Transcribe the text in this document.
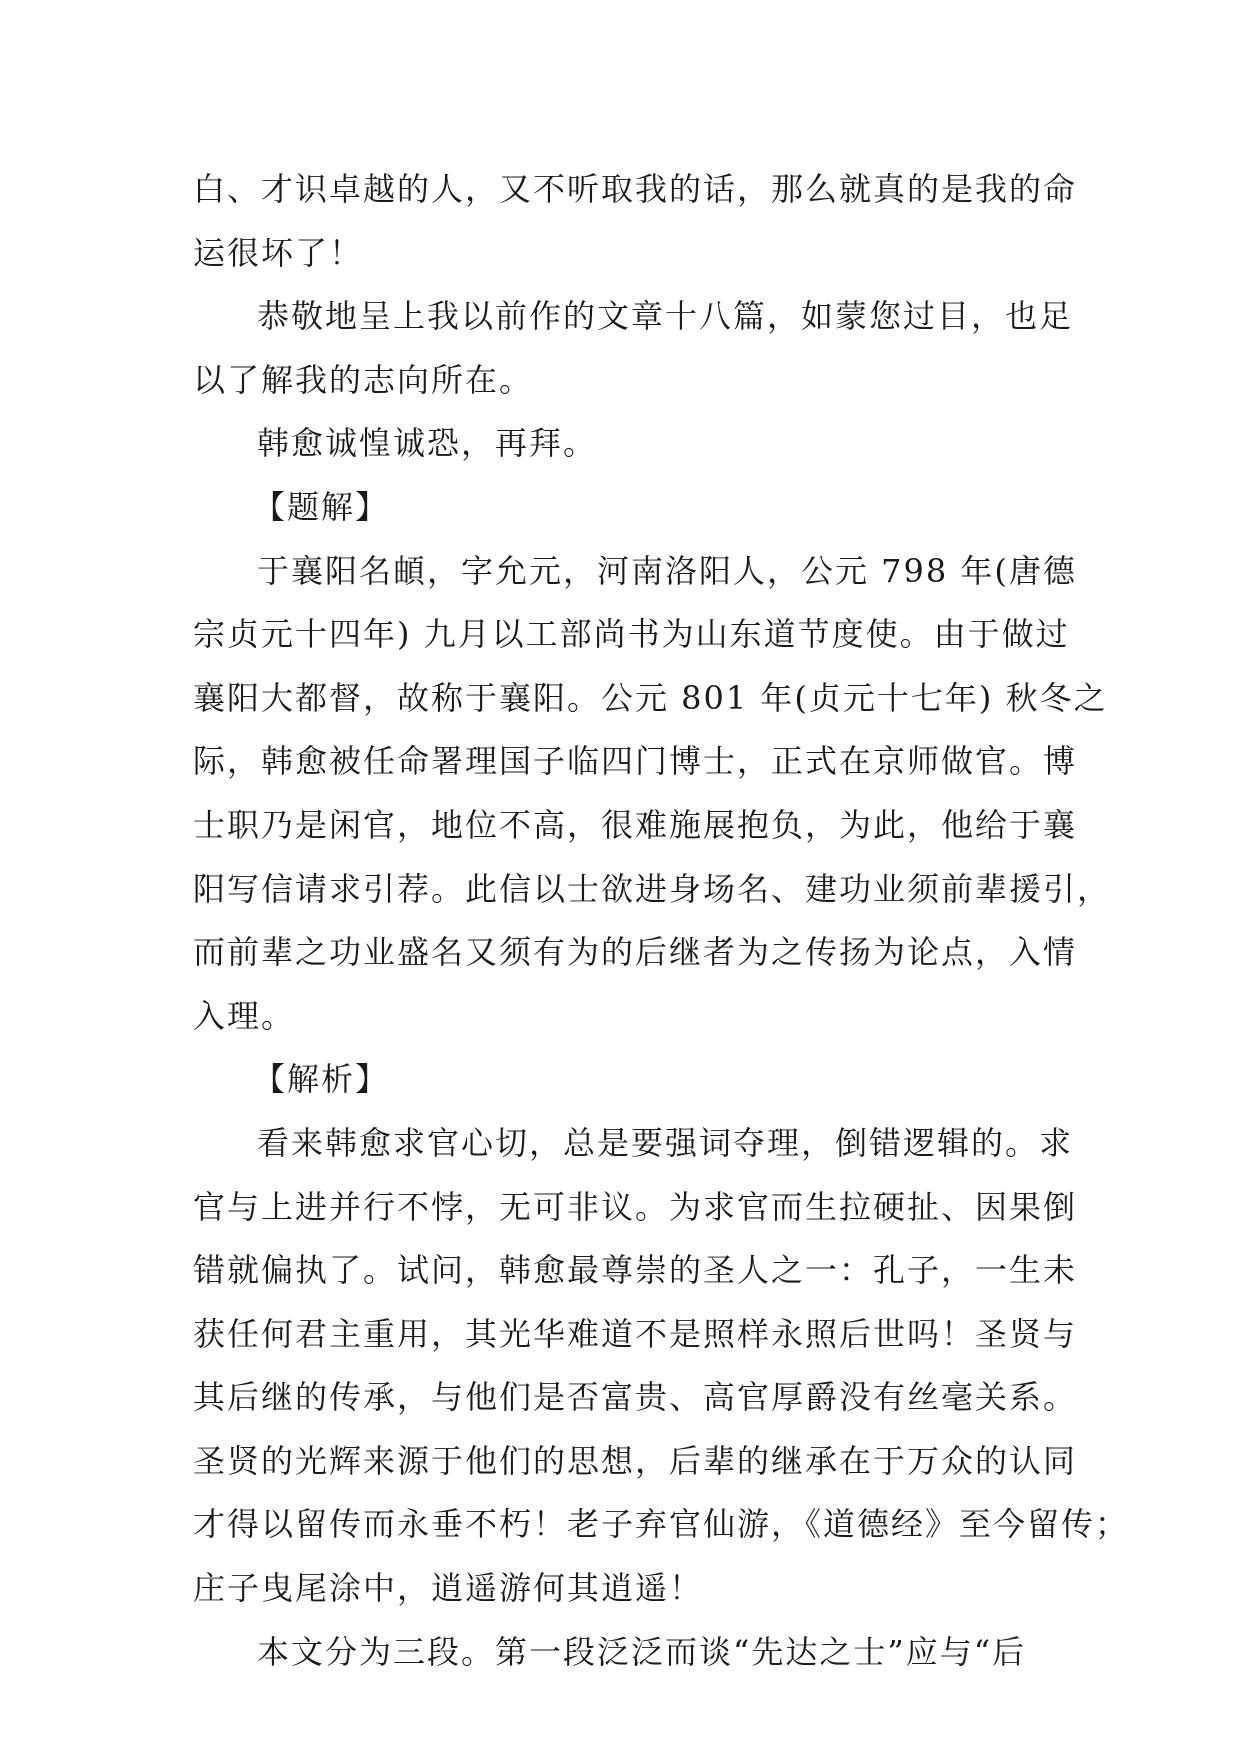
白、才识卓越的人，又不听取我的话，那么就真的是我的命
运很坏了！

恭敬地呈上我以前作的文章十八篇，如蒙您过目，也足
以了解我的志向所在。

韩愈诚惶诚恐，再拜。

【题解】

于襄阳名頔，字允元，河南洛阳人，公元 798 年(唐德
宗贞元十四年) 九月以工部尚书为山东道节度使。由于做过
襄阳大都督，故称于襄阳。公元 801 年(贞元十七年) 秋冬之
际，韩愈被任命署理国子临四门博士，正式在京师做官。博
士职乃是闲官，地位不高，很难施展抱负，为此，他给于襄
阳写信请求引荐。此信以士欲进身场名、建功业须前辈援引，
而前辈之功业盛名又须有为的后继者为之传扬为论点，入情
入理。

【解析】

看来韩愈求官心切，总是要强词夺理，倒错逻辑的。求
官与上进并行不悖，无可非议。为求官而生拉硬扯、因果倒
错就偏执了。试问，韩愈最尊崇的圣人之一：孔子，一生未
获任何君主重用，其光华难道不是照样永照后世吗！圣贤与
其后继的传承，与他们是否富贵、高官厚爵没有丝毫关系。
圣贤的光辉来源于他们的思想，后辈的继承在于万众的认同
才得以留传而永垂不朽！老子弃官仙游，《道德经》至今留传；
庄子曳尾涂中，逍遥游何其逍遥！

本文分为三段。第一段泛泛而谈“先达之士”应与“后
